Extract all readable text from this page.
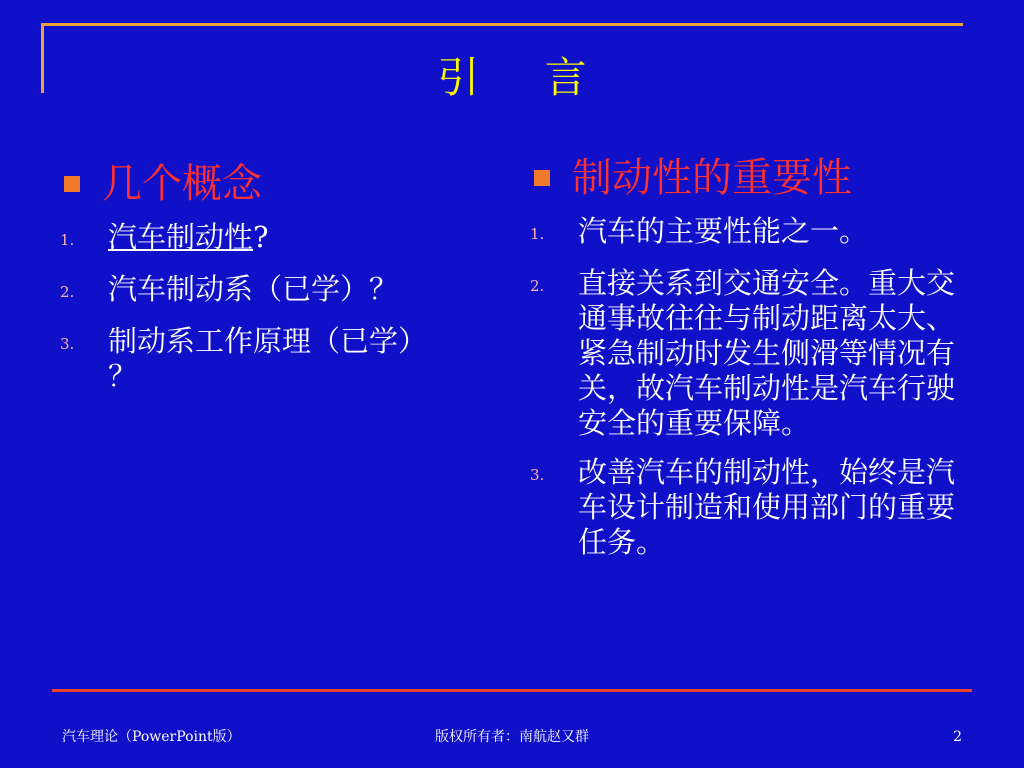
引 言
几个概念
1.	汽车制动性?
2.	汽车制动系（已学）？
3.	制动系工作原理（已学） ？
制动性的重要性
1.	汽车的主要性能之一。
2.	直接关系到交通安全。重大交通事故往往与制动距离太大、紧急制动时发生侧滑等情况有关，故汽车制动性是汽车行驶安全的重要保障。
3.	改善汽车的制动性，始终是汽车设计制造和使用部门的重要任务。
汽车理论（PowerPoint版）	版权所有者：南航赵又群	2
